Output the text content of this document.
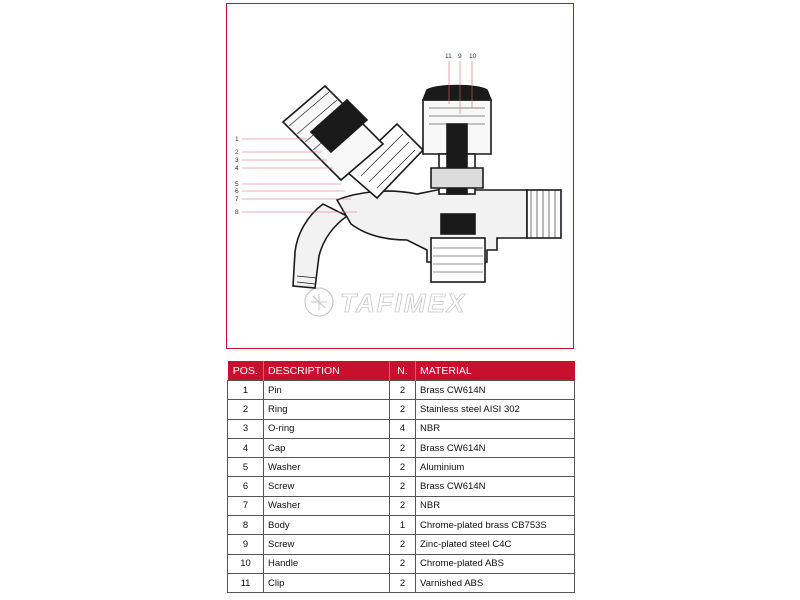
TAFIMEX
1
2
3
4
5
6
7
8
11 9 10
POS.	DESCRIPTION	N.	MATERIAL
1	Pin	2	Brass CW614N
2	Ring	2	Stainless steel AISI 302
3	O-ring	4	NBR
4	Cap	2	Brass CW614N
5	Washer	2	Aluminium
6	Screw	2	Brass CW614N
7	Washer	2	NBR
8	Body	1	Chrome-plated brass CB753S
9	Screw	2	Zinc-plated steel C4C
10	Handle	2	Chrome-plated ABS
11	Clip	2	Varnished ABS
